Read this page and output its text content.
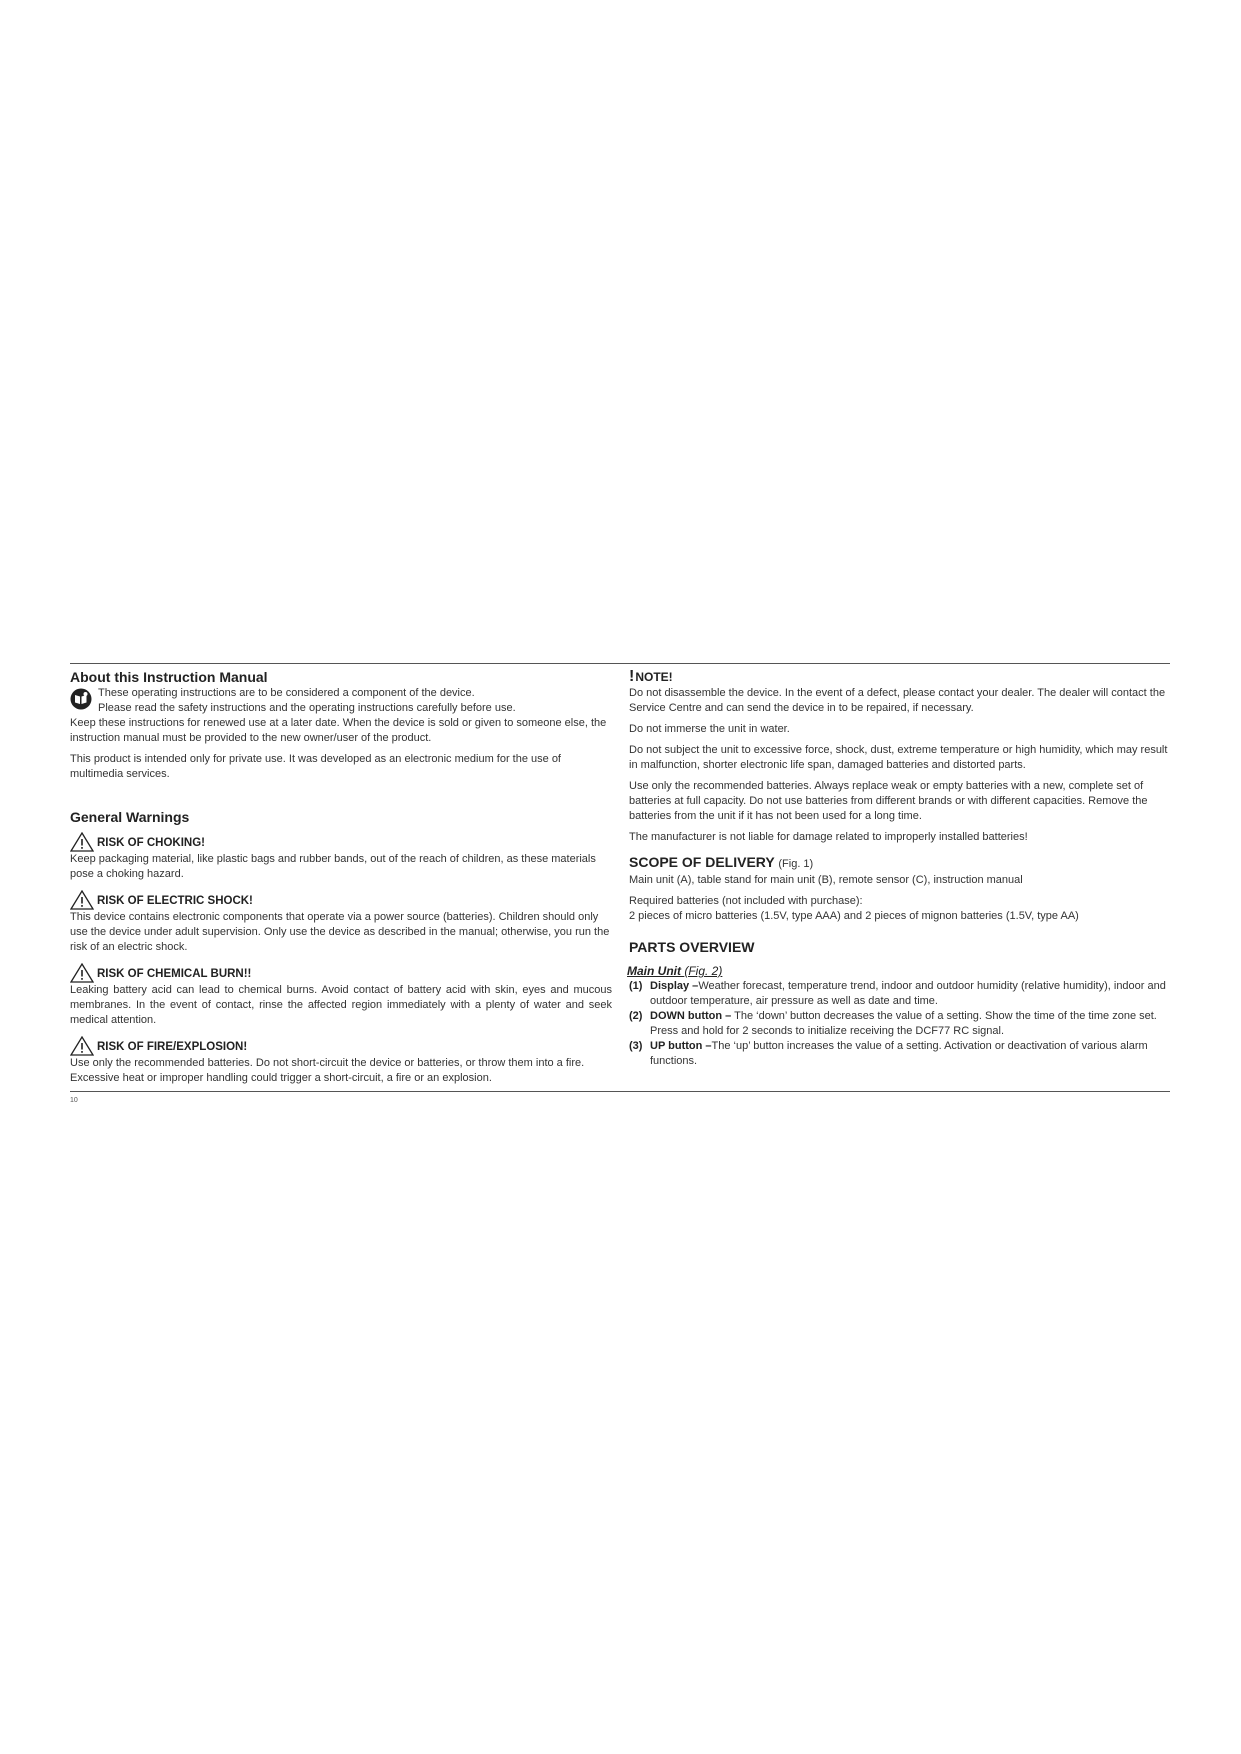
About this Instruction Manual

These operating instructions are to be considered a component of the device.

Please read the safety instructions and the operating instructions carefully before use.

Keep these instructions for renewed use at a later date. When the device is sold or given to someone else, the instruction manual must be provided to the new owner/user of the product.

This product is intended only for private use. It was developed as an electronic medium for the use of multimedia services.

General Warnings
RISK OF CHOKING!

Keep packaging material, like plastic bags and rubber bands, out of the reach of children, as these materials pose a choking hazard.

RISK OF ELECTRIC SHOCK!

This device contains electronic components that operate via a power source (batteries). Children should only use the device under adult supervision. Only use the device as described in the manual; otherwise, you run the risk of an electric shock.

RISK OF CHEMICAL BURN!!

Leaking battery acid can lead to chemical burns. Avoid contact of battery acid with skin, eyes and mucous membranes. In the event of contact, rinse the affected region immediately with a plenty of water and seek medical attention.

RISK OF FIRE/EXPLOSION!

Use only the recommended batteries. Do not short-circuit the device or batteries, or throw them into a fire. Excessive heat or improper handling could trigger a short-circuit, a fire or an explosion.

! NOTE!

Do not disassemble the device. In the event of a defect, please contact your dealer. The dealer will contact the Service Centre and can send the device in to be repaired, if necessary.

Do not immerse the unit in water.

Do not subject the unit to excessive force, shock, dust, extreme temperature or high humidity, which may result in malfunction, shorter electronic life span, damaged batteries and distorted parts.

Use only the recommended batteries. Always replace weak or empty batteries with a new, complete set of batteries at full capacity. Do not use batteries from different brands or with different capacities. Remove the batteries from the unit if it has not been used for a long time.

The manufacturer is not liable for damage related to improperly installed batteries!

SCOPE OF DELIVERY (Fig. 1)

Main unit (A), table stand for main unit (B), remote sensor (C), instruction manual

Required batteries (not included with purchase):

2 pieces of micro batteries (1.5V, type AAA) and 2 pieces of mignon batteries (1.5V, type AA)

PARTS OVERVIEW
Main Unit (Fig. 2)
(1) Display –Weather forecast, temperature trend, indoor and outdoor humidity (relative humidity), indoor and outdoor temperature, air pressure as well as date and time.
(2) DOWN button – The ‘down’ button decreases the value of a setting. Show the time of the time zone set. Press and hold for 2 seconds to initialize receiving the DCF77 RC signal.
(3) UP button –The ‘up’ button increases the value of a setting. Activation or deactivation of various alarm functions.
10
